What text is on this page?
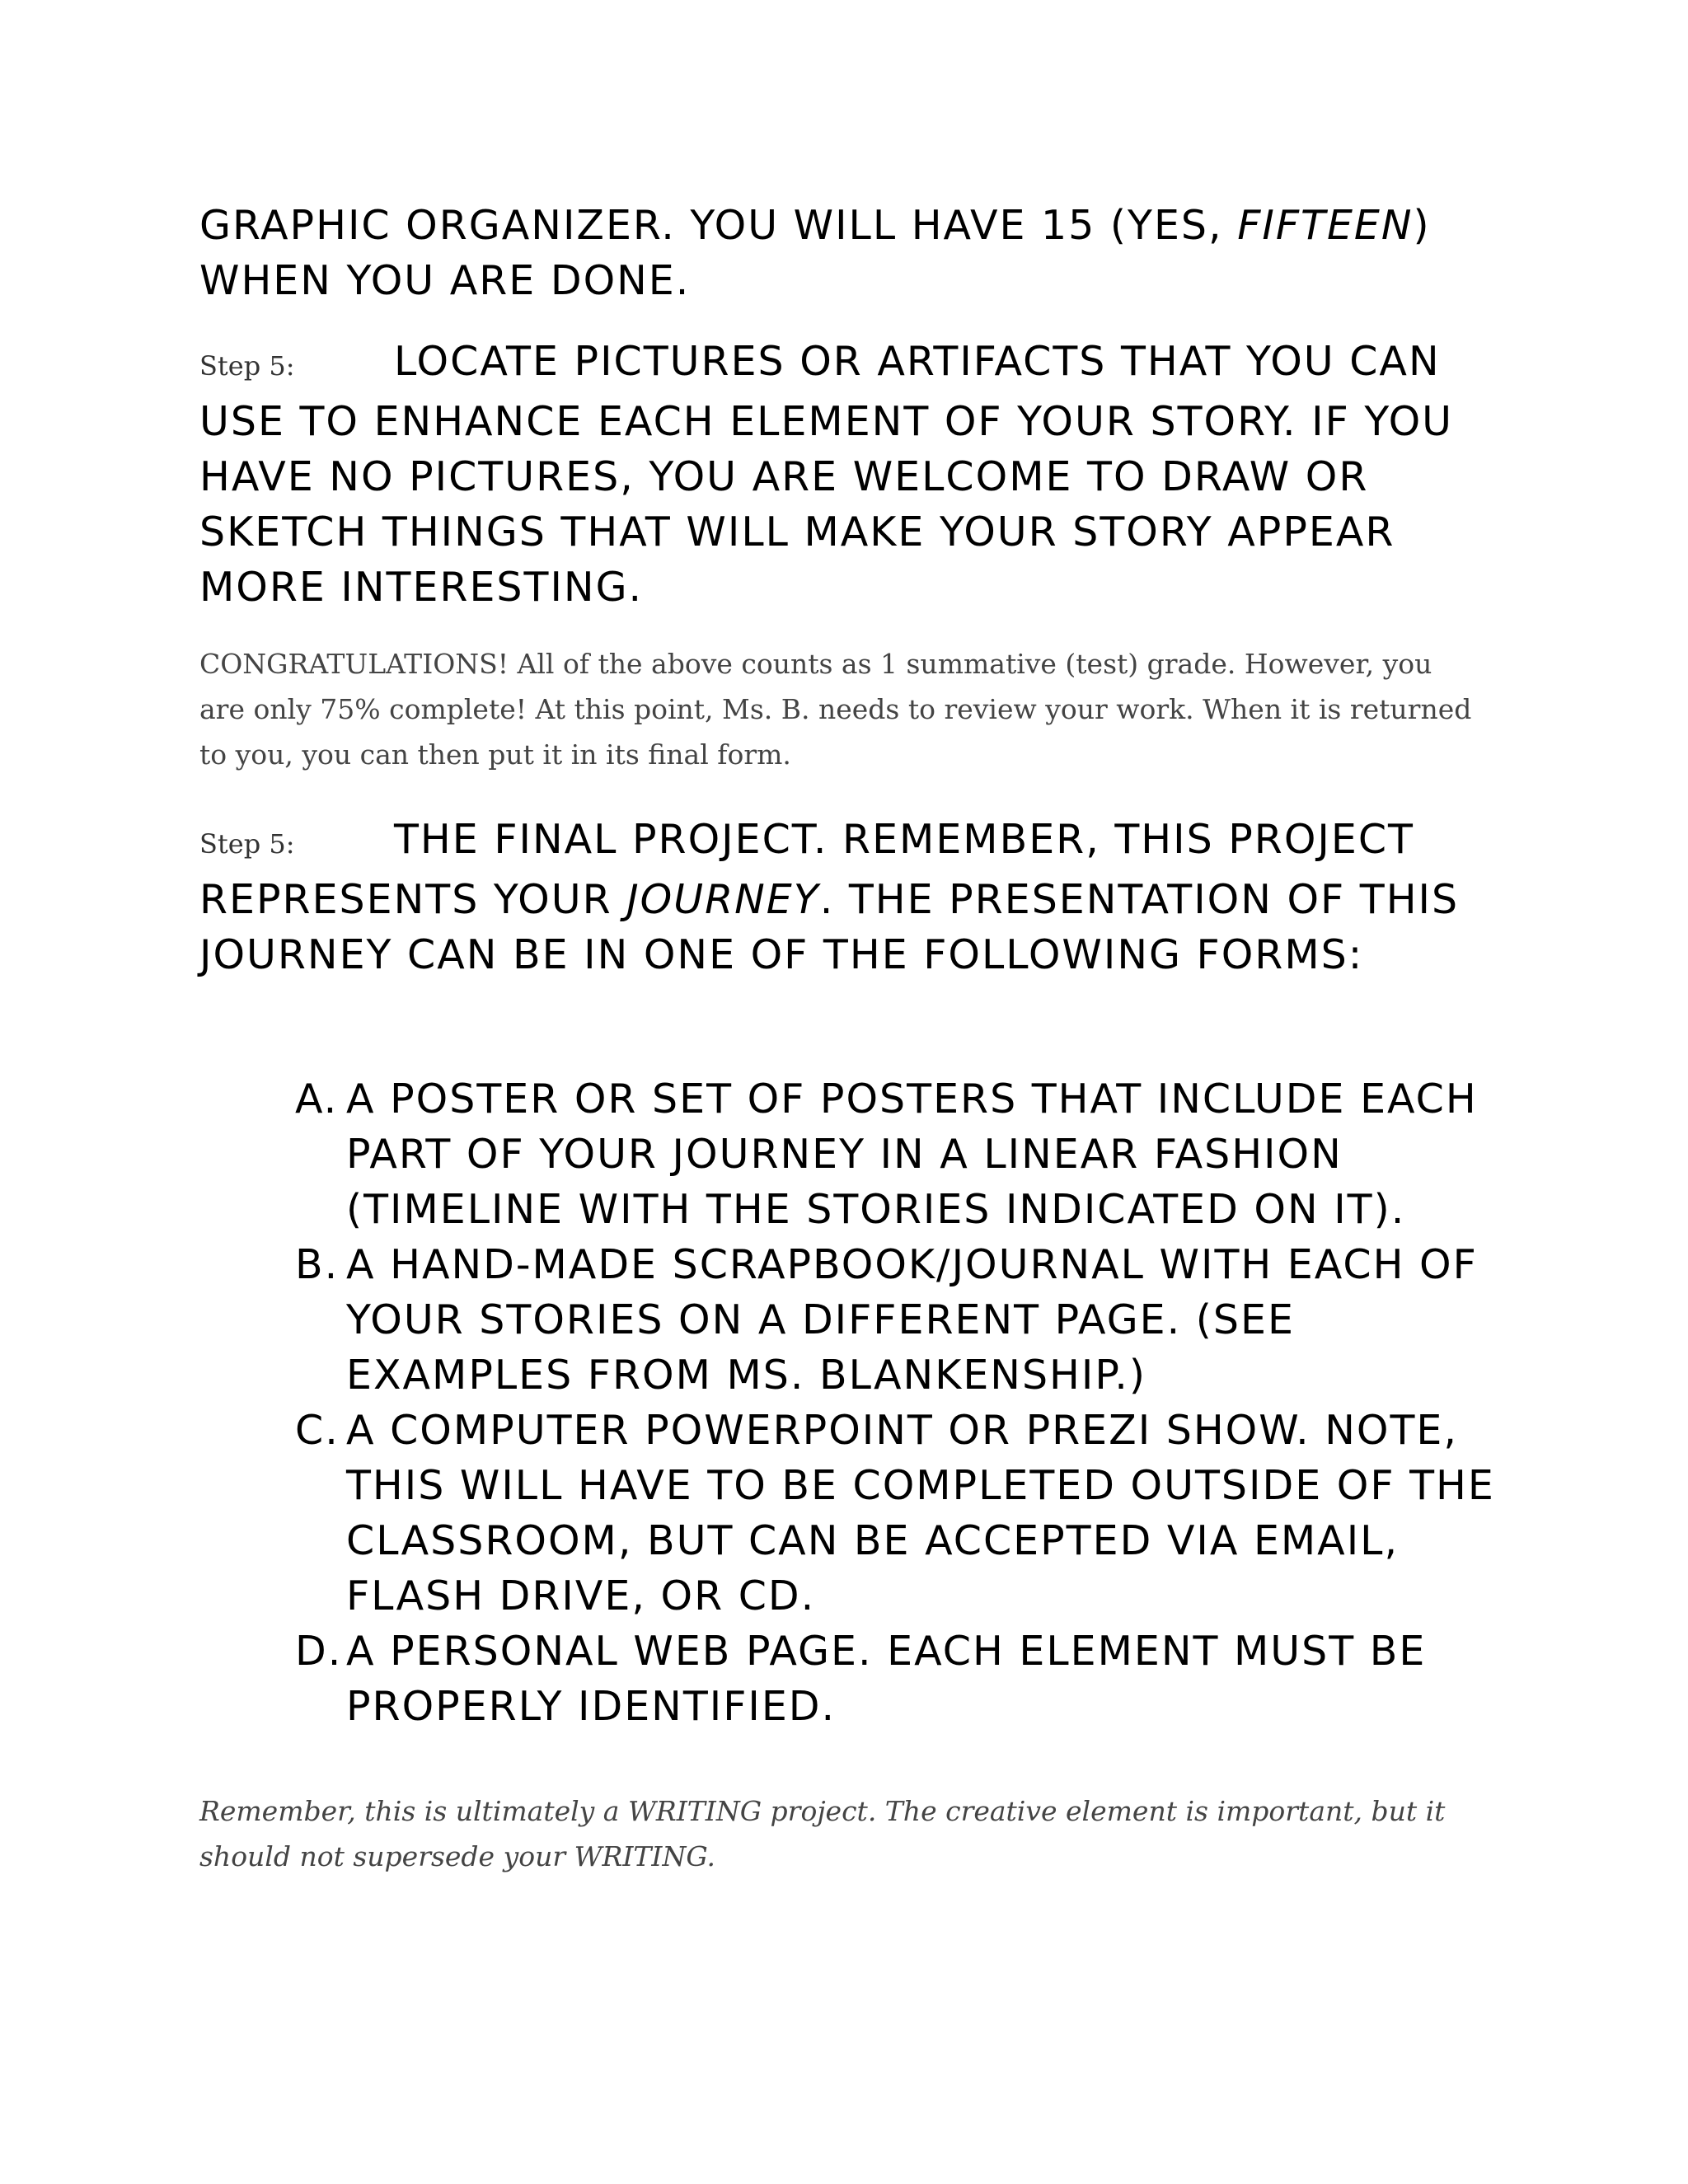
GRAPHIC ORGANIZER. YOU WILL HAVE 15 (YES, FIFTEEN)
WHEN YOU ARE DONE.
Step 5: LOCATE PICTURES OR ARTIFACTS THAT YOU CAN USE TO ENHANCE EACH ELEMENT OF YOUR STORY. IF YOU HAVE NO PICTURES, YOU ARE WELCOME TO DRAW OR SKETCH THINGS THAT WILL MAKE YOUR STORY APPEAR MORE INTERESTING.
CONGRATULATIONS! All of the above counts as 1 summative (test) grade. However, you are only 75% complete! At this point, Ms. B. needs to review your work. When it is returned to you, you can then put it in its final form.
Step 5: THE FINAL PROJECT. REMEMBER, THIS PROJECT REPRESENTS YOUR JOURNEY. THE PRESENTATION OF THIS JOURNEY CAN BE IN ONE OF THE FOLLOWING FORMS:
A. A POSTER OR SET OF POSTERS THAT INCLUDE EACH PART OF YOUR JOURNEY IN A LINEAR FASHION (TIMELINE WITH THE STORIES INDICATED ON IT).
B. A HAND-MADE SCRAPBOOK/JOURNAL WITH EACH OF YOUR STORIES ON A DIFFERENT PAGE. (SEE EXAMPLES FROM MS. BLANKENSHIP.)
C. A COMPUTER POWERPOINT OR PREZI SHOW. NOTE, THIS WILL HAVE TO BE COMPLETED OUTSIDE OF THE CLASSROOM, BUT CAN BE ACCEPTED VIA EMAIL, FLASH DRIVE, OR CD.
D. A PERSONAL WEB PAGE. EACH ELEMENT MUST BE PROPERLY IDENTIFIED.
Remember, this is ultimately a WRITING project. The creative element is important, but it should not supersede your WRITING.
